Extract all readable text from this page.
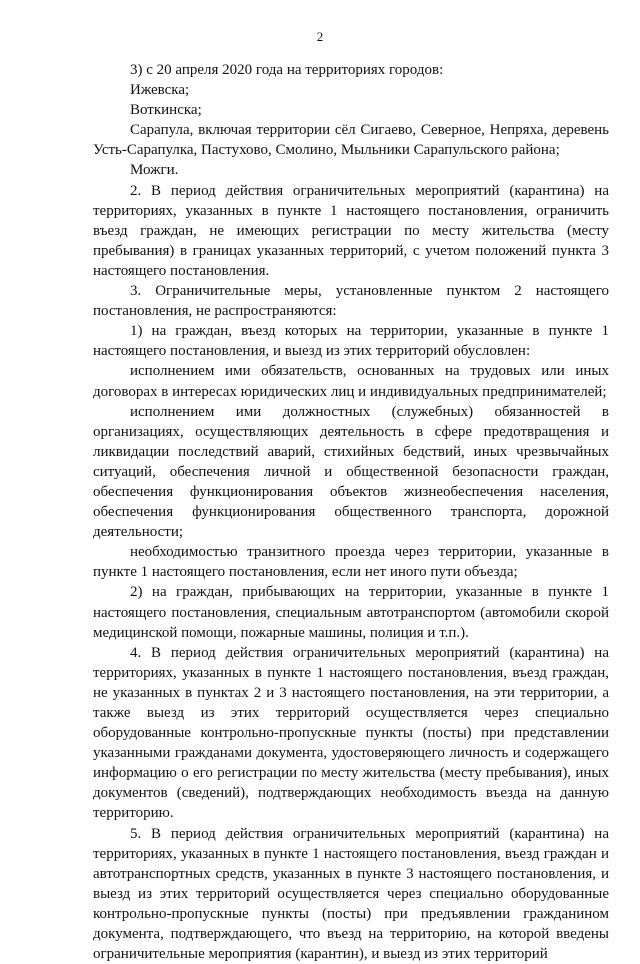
2

3) с 20 апреля 2020 года на территориях городов:

Ижевска;

Воткинска;

Сарапула, включая территории сёл Сигаево, Северное, Непряха, деревень Усть-Сарапулка, Пастухово, Смолино, Мыльники Сарапульского района;

Можги.

2. В период действия ограничительных мероприятий (карантина) на территориях, указанных в пункте 1 настоящего постановления, ограничить въезд граждан, не имеющих регистрации по месту жительства (месту пребывания) в границах указанных территорий, с учетом положений пункта 3 настоящего постановления.

3. Ограничительные меры, установленные пунктом 2 настоящего постановления, не распространяются:

1) на граждан, въезд которых на территории, указанные в пункте 1 настоящего постановления, и выезд из этих территорий обусловлен:

исполнением ими обязательств, основанных на трудовых или иных договорах в интересах юридических лиц и индивидуальных предпринимателей;

исполнением ими должностных (служебных) обязанностей в организациях, осуществляющих деятельность в сфере предотвращения и ликвидации последствий аварий, стихийных бедствий, иных чрезвычайных ситуаций, обеспечения личной и общественной безопасности граждан, обеспечения функционирования объектов жизнеобеспечения населения, обеспечения функционирования общественного транспорта, дорожной деятельности;

необходимостью транзитного проезда через территории, указанные в пункте 1 настоящего постановления, если нет иного пути объезда;

2) на граждан, прибывающих на территории, указанные в пункте 1 настоящего постановления, специальным автотранспортом (автомобили скорой медицинской помощи, пожарные машины, полиция и т.п.).

4. В период действия ограничительных мероприятий (карантина) на территориях, указанных в пункте 1 настоящего постановления, въезд граждан, не указанных в пунктах 2 и 3 настоящего постановления, на эти территории, а также выезд из этих территорий осуществляется через специально оборудованные контрольно-пропускные пункты (посты) при представлении указанными гражданами документа, удостоверяющего личность и содержащего информацию о его регистрации по месту жительства (месту пребывания), иных документов (сведений), подтверждающих необходимость въезда на данную территорию.

5. В период действия ограничительных мероприятий (карантина) на территориях, указанных в пункте 1 настоящего постановления, въезд граждан и автотранспортных средств, указанных в пункте 3 настоящего постановления, и выезд из этих территорий осуществляется через специально оборудованные контрольно-пропускные пункты (посты) при предъявлении гражданином документа, подтверждающего, что въезд на территорию, на которой введены ограничительные мероприятия (карантин), и выезд из этих территорий
